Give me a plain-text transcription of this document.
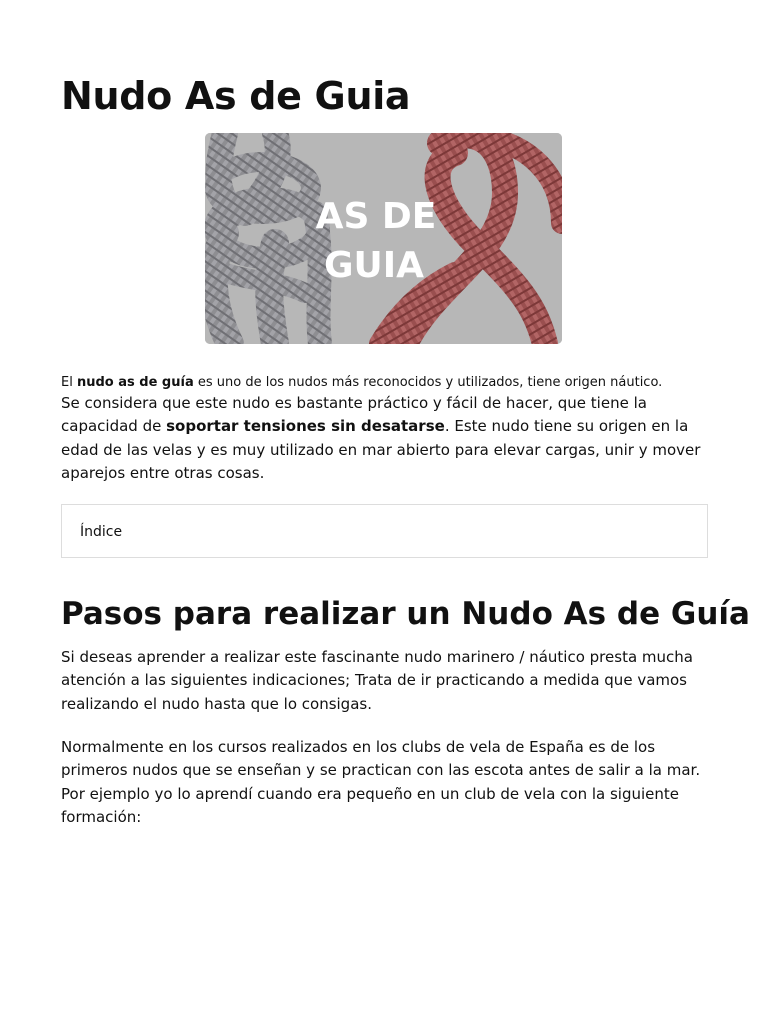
Nudo As de Guia
AS DE
GUIA
El nudo as de guía es uno de los nudos más reconocidos y utilizados, tiene origen náutico.

Se considera que este nudo es bastante práctico y fácil de hacer, que tiene la capacidad de soportar tensiones sin desatarse. Este nudo tiene su origen en la edad de las velas y es muy utilizado en mar abierto para elevar cargas, unir y mover aparejos entre otras cosas.

Índice
Pasos para realizar un Nudo As de Guía

Si deseas aprender a realizar este fascinante nudo marinero / náutico presta mucha atención a las siguientes indicaciones; Trata de ir practicando a medida que vamos realizando el nudo hasta que lo consigas.

Normalmente en los cursos realizados en los clubs de vela de España es de los primeros nudos que se enseñan y se practican con las escota antes de salir a la mar. Por ejemplo yo lo aprendí cuando era pequeño en un club de vela con la siguiente formación:
